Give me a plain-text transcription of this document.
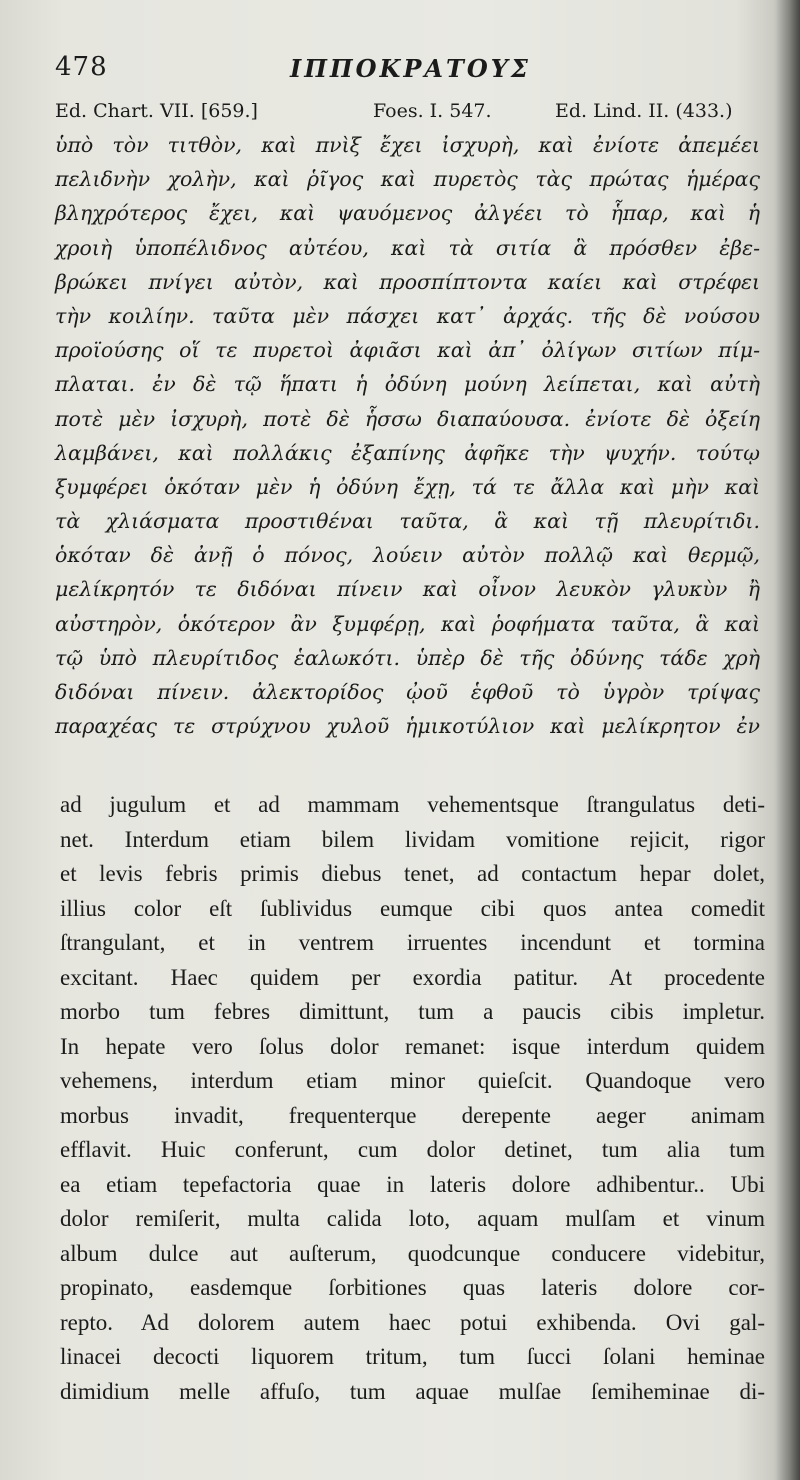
478	ΙΠΠΟΚΡΑΤΟΥΣ
Ed. Chart. VII. [659.]	Foes. I. 547.	Ed. Lind. II. (433.)
ὑπὸ τὸν τιτθὸν, καὶ πνὶξ ἔχει ἰσχυρὴ, καὶ ἐνίοτε ἀπεμέει
πελιδνὴν χολὴν, καὶ ῥῖγος καὶ πυρετὸς τὰς πρώτας ἡμέρας
βληχρότερος ἔχει, καὶ ψαυόμενος ἀλγέει τὸ ἧπαρ, καὶ ἡ
χροιὴ ὑποπέλιδνος αὐτέου, καὶ τὰ σιτία ἃ πρόσθεν ἐβε-
βρώκει πνίγει αὐτὸν, καὶ προσπίπτοντα καίει καὶ στρέφει
τὴν κοιλίην. ταῦτα μὲν πάσχει κατ᾽ ἀρχάς. τῆς δὲ νούσου
προϊούσης οἵ τε πυρετοὶ ἀφιᾶσι καὶ ἀπ᾽ ὀλίγων σιτίων πίμ-
πλαται. ἐν δὲ τῷ ἥπατι ἡ ὀδύνη μούνη λείπεται, καὶ αὐτὴ
ποτὲ μὲν ἰσχυρὴ, ποτὲ δὲ ἧσσω διαπαύουσα. ἐνίοτε δὲ ὀξείη
λαμβάνει, καὶ πολλάκις ἐξαπίνης ἀφῆκε τὴν ψυχήν. τούτῳ
ξυμφέρει ὁκόταν μὲν ἡ ὀδύνη ἔχῃ, τά τε ἄλλα καὶ μὴν καὶ
τὰ χλιάσματα προστιθέναι ταῦτα, ἃ καὶ τῇ πλευρίτιδι.
ὁκόταν δὲ ἀνῇ ὁ πόνος, λούειν αὐτὸν πολλῷ καὶ θερμῷ,
μελίκρητόν τε διδόναι πίνειν καὶ οἶνον λευκὸν γλυκὺν ἢ
αὐστηρὸν, ὁκότερον ἂν ξυμφέρῃ, καὶ ῥοφήματα ταῦτα, ἃ καὶ
τῷ ὑπὸ πλευρίτιδος ἑαλωκότι. ὑπὲρ δὲ τῆς ὀδύνης τάδε χρὴ
διδόναι πίνειν. ἀλεκτορίδος ᾠοῦ ἑφθοῦ τὸ ὑγρὸν τρίψας
παραχέας τε στρύχνου χυλοῦ ἡμικοτύλιον καὶ μελίκρητον ἐν
ad jugulum et ad mammam vehementsque ſtrangulatus deti-
net. Interdum etiam bilem lividam vomitione rejicit, rigor
et levis febris primis diebus tenet, ad contactum hepar dolet,
illius color eſt ſublividus eumque cibi quos antea comedit
ſtrangulant, et in ventrem irruentes incendunt et tormina
excitant. Haec quidem per exordia patitur. At procedente
morbo tum febres dimittunt, tum a paucis cibis impletur.
In hepate vero ſolus dolor remanet: isque interdum quidem
vehemens, interdum etiam minor quieſcit. Quandoque vero
morbus invadit, frequenterque derepente aeger animam
efflavit. Huic conferunt, cum dolor detinet, tum alia tum
ea etiam tepefactoria quae in lateris dolore adhibentur.. Ubi
dolor remiſerit, multa calida loto, aquam mulſam et vinum
album dulce aut auſterum, quodcunque conducere videbitur,
propinato, easdemque ſorbitiones quas lateris dolore cor-
repto. Ad dolorem autem haec potui exhibenda. Ovi gal-
linacei decocti liquorem tritum, tum ſucci ſolani heminae
dimidium melle affuſo, tum aquae mulſae ſemiheminae di-
